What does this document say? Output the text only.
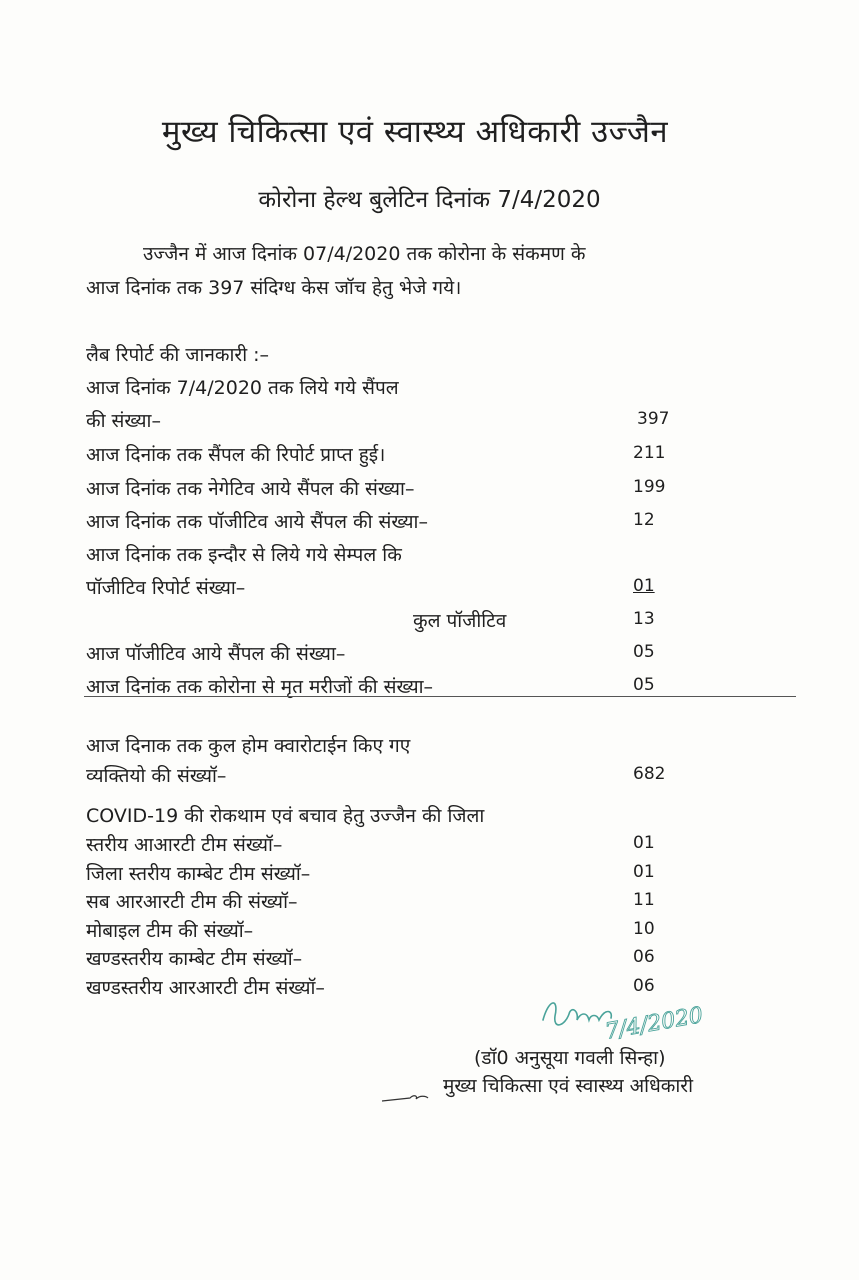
मुख्य चिकित्सा एवं स्वास्थ्य अधिकारी उज्जैन
कोरोना हेल्थ बुलेटिन दिनांक 7/4/2020
उज्जैन में आज दिनांक 07/4/2020 तक कोरोना के संकमण के
आज दिनांक तक 397 संदिग्ध केस जॉच हेतु भेजे गये।
लैब रिपोर्ट की जानकारी :–
आज दिनांक 7/4/2020 तक लिये गये सैंपल
की संख्या–	397
आज दिनांक तक सैंपल की रिपोर्ट प्राप्त हुई।	211
आज दिनांक तक नेगेटिव आये सैंपल की संख्या–	199
आज दिनांक तक पॉजीटिव आये सैंपल की संख्या–	12
आज दिनांक तक इन्दौर से लिये गये सेम्पल कि
पॉजीटिव रिपोर्ट संख्या–	01
कुल पॉजीटिव	13
आज पॉजीटिव आये सैंपल की संख्या–	05
आज दिनांक तक कोरोना से मृत मरीजों की संख्या–	05
आज दिनाक तक कुल होम क्वारोटाईन किए गए
व्यक्तियो की संख्यॉ–	682
COVID-19 की रोकथाम एवं बचाव हेतु उज्जैन की जिला
स्तरीय आआरटी टीम संख्यॉ–	01
जिला स्तरीय काम्बेट टीम संख्यॉ–	01
सब आरआरटी टीम की संख्यॉ–	11
मोबाइल टीम की संख्यॉ–	10
खण्डस्तरीय काम्बेट टीम संख्यॉ–	06
खण्डस्तरीय आरआरटी टीम संख्यॉ–	06
7/4/2020
(डॉ0 अनुसूया गवली सिन्हा)
मुख्य चिकित्सा एवं स्वास्थ्य अधिकारी
